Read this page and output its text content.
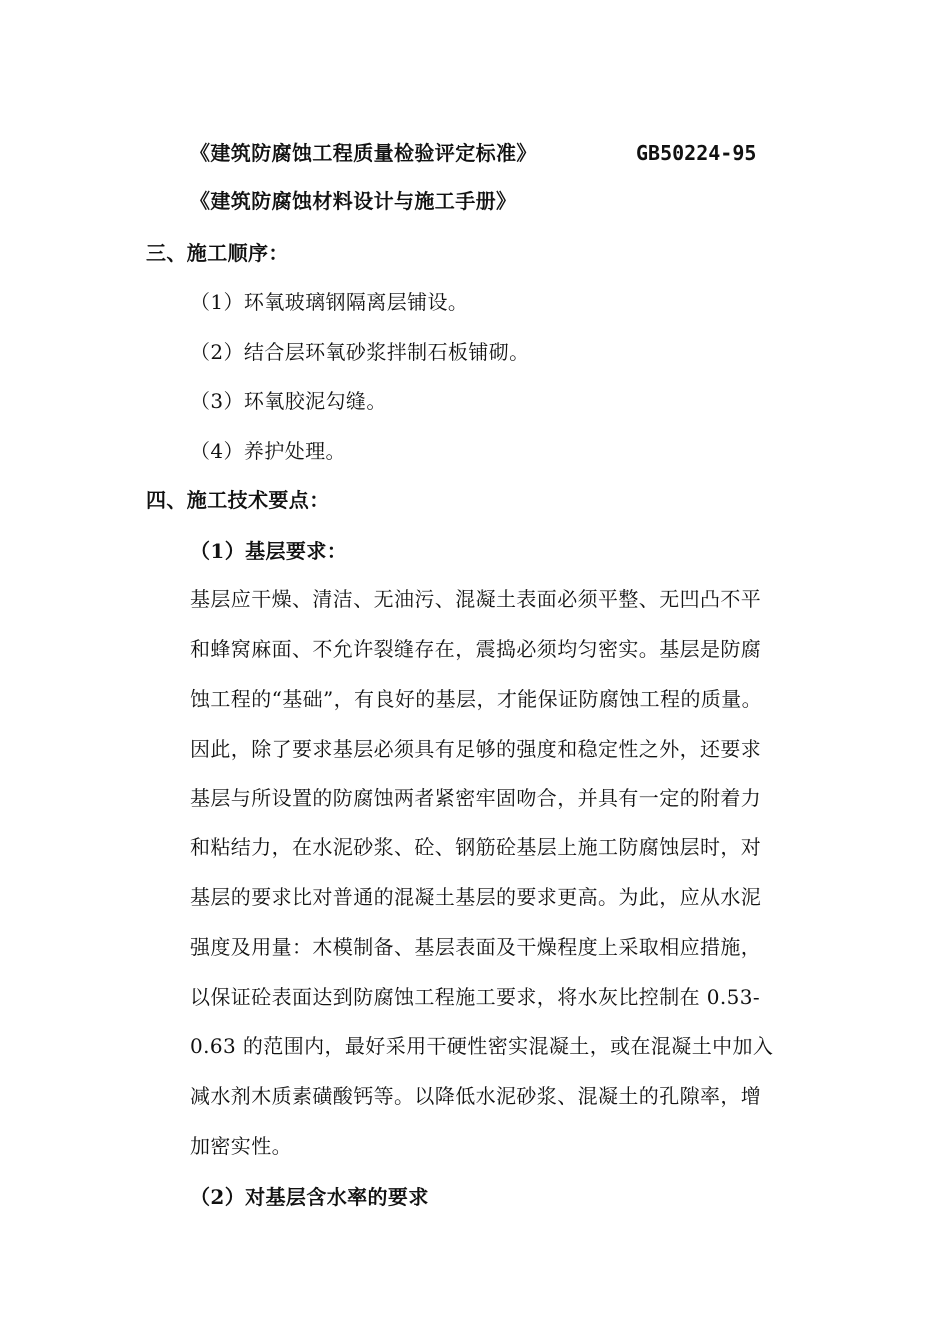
《建筑防腐蚀工程质量检验评定标准》	GB50224-95
《建筑防腐蚀材料设计与施工手册》
三、施工顺序：
（1）环氧玻璃钢隔离层铺设。
（2）结合层环氧砂浆拌制石板铺砌。
（3）环氧胶泥勾缝。
（4）养护处理。
四、施工技术要点：
（1）基层要求：
基层应干燥、清洁、无油污、混凝土表面必须平整、无凹凸不平
和蜂窝麻面、不允许裂缝存在，震捣必须均匀密实。基层是防腐
蚀工程的“基础”，有良好的基层，才能保证防腐蚀工程的质量。
因此，除了要求基层必须具有足够的强度和稳定性之外，还要求
基层与所设置的防腐蚀两者紧密牢固吻合，并具有一定的附着力
和粘结力，在水泥砂浆、砼、钢筋砼基层上施工防腐蚀层时，对
基层的要求比对普通的混凝土基层的要求更高。为此，应从水泥
强度及用量：木模制备、基层表面及干燥程度上采取相应措施，
以保证砼表面达到防腐蚀工程施工要求，将水灰比控制在 0.53-
0.63 的范围内，最好采用干硬性密实混凝土，或在混凝土中加入
减水剂木质素磺酸钙等。以降低水泥砂浆、混凝土的孔隙率，增
加密实性。
（2）对基层含水率的要求
